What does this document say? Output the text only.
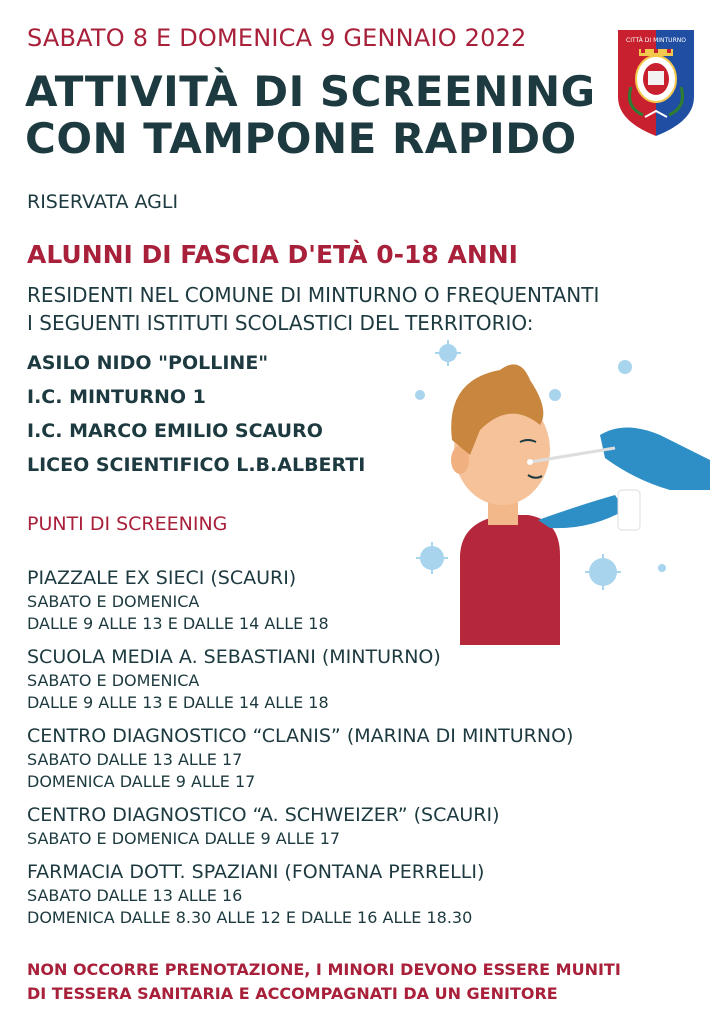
SABATO 8 E DOMENICA 9 GENNAIO 2022
ATTIVITÀ DI SCREENING
CON TAMPONE RAPIDO
CITTÀ DI MINTURNO
RISERVATA AGLI
ALUNNI DI FASCIA D'ETÀ 0-18 ANNI
RESIDENTI NEL COMUNE DI MINTURNO O FREQUENTANTI
I SEGUENTI ISTITUTI SCOLASTICI DEL TERRITORIO:
ASILO NIDO "POLLINE"
I.C. MINTURNO 1
I.C. MARCO EMILIO SCAURO
LICEO SCIENTIFICO L.B.ALBERTI
PUNTI DI SCREENING
PIAZZALE EX SIECI (SCAURI)
SABATO E DOMENICA
DALLE 9 ALLE 13 E DALLE 14 ALLE 18
SCUOLA MEDIA A. SEBASTIANI (MINTURNO)
SABATO E DOMENICA
DALLE 9 ALLE 13 E DALLE 14 ALLE 18
CENTRO DIAGNOSTICO “CLANIS” (MARINA DI MINTURNO)
SABATO DALLE 13 ALLE 17
DOMENICA DALLE 9 ALLE 17
CENTRO DIAGNOSTICO “A. SCHWEIZER” (SCAURI)
SABATO E DOMENICA DALLE 9 ALLE 17
FARMACIA DOTT. SPAZIANI (FONTANA PERRELLI)
SABATO DALLE 13 ALLE 16
DOMENICA DALLE 8.30 ALLE 12 E DALLE 16 ALLE 18.30
NON OCCORRE PRENOTAZIONE, I MINORI DEVONO ESSERE MUNITI
DI TESSERA SANITARIA E ACCOMPAGNATI DA UN GENITORE
